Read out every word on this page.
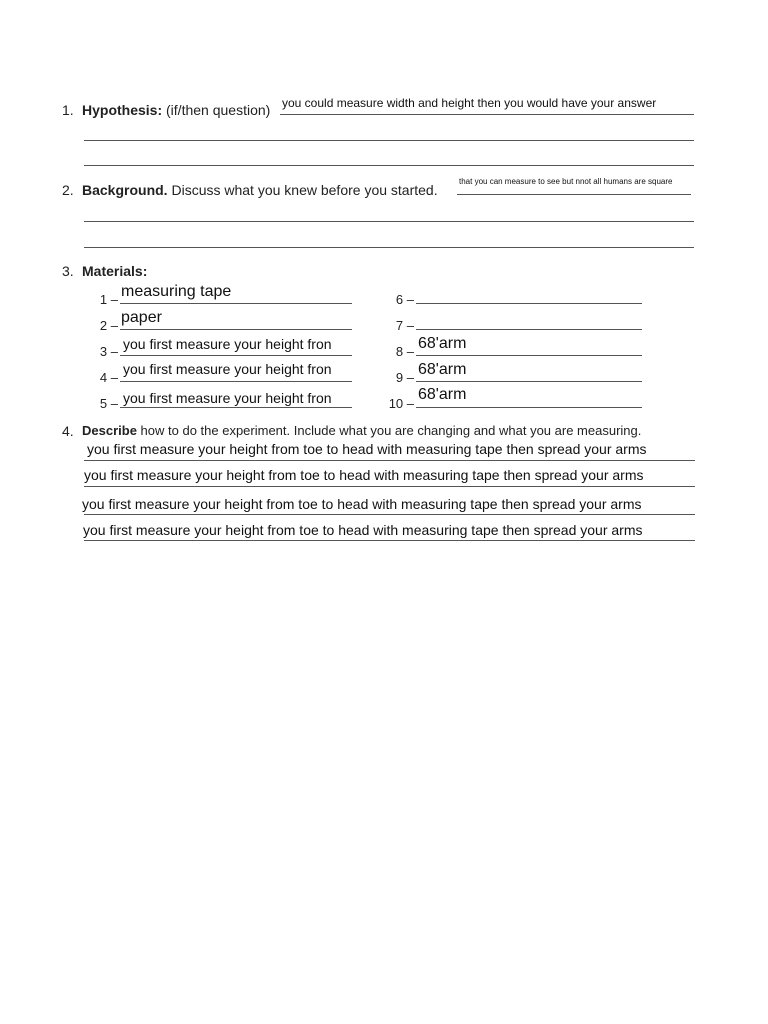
1. Hypothesis: (if/then question) you could measure width and height then you would have your answer
2. Background. Discuss what you knew before you started.
that you can measure to see but nnot all humans are square
3. Materials:
1 – measuring tape
2 – paper
3 – you first measure your height fron
4 –
you first measure your height fron
5 – you first measure your height fron
6 –
7 –
8 – 68'arm
9 – 68'arm
10 –
68'arm
4. Describe how to do the experiment. Include what you are changing and what you are measuring.
you first measure your height from toe to head with measuring tape then spread your arms
you first measure your height from toe to head with measuring tape then spread your arms
you first measure your height from toe to head with measuring tape then spread your arms
you first measure your height from toe to head with measuring tape then spread your arms
